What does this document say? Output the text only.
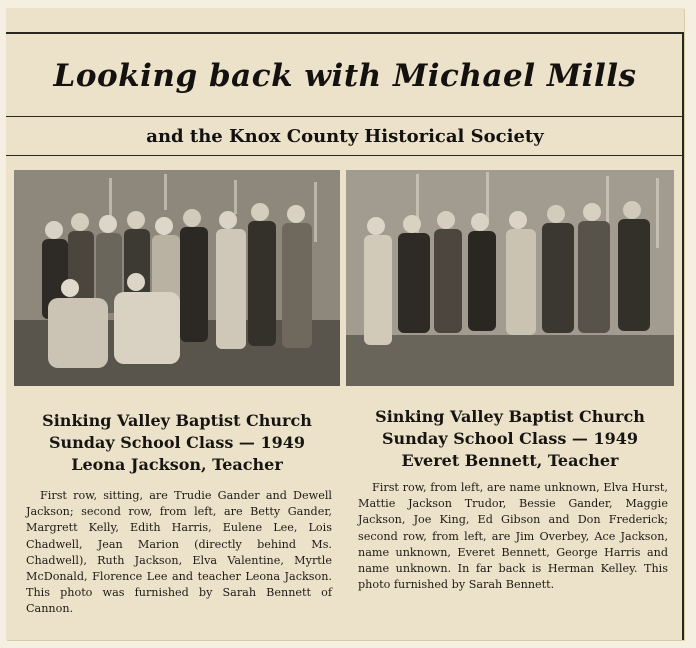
Looking back with Michael Mills
and the Knox County Historical Society
Sinking Valley Baptist Church
Sunday School Class — 1949
Leona Jackson, Teacher
First row, sitting, are Trudie Gander and Dewell Jackson; second row, from left, are Betty Gander, Margrett Kelly, Edith Harris, Eulene Lee, Lois Chadwell, Jean Marion (directly behind Ms. Chadwell), Ruth Jackson, Elva Valentine, Myrtle McDonald, Florence Lee and teacher Leona Jackson. This photo was furnished by Sarah Bennett of Cannon.
Sinking Valley Baptist Church
Sunday School Class — 1949
Everet Bennett, Teacher
First row, from left, are name unknown, Elva Hurst, Mattie Jackson Trudor, Bessie Gander, Maggie Jackson, Joe King, Ed Gibson and Don Frederick; second row, from left, are Jim Overbey, Ace Jackson, name unknown, Everet Bennett, George Harris and name unknown. In far back is Herman Kelley. This photo furnished by Sarah Bennett.
